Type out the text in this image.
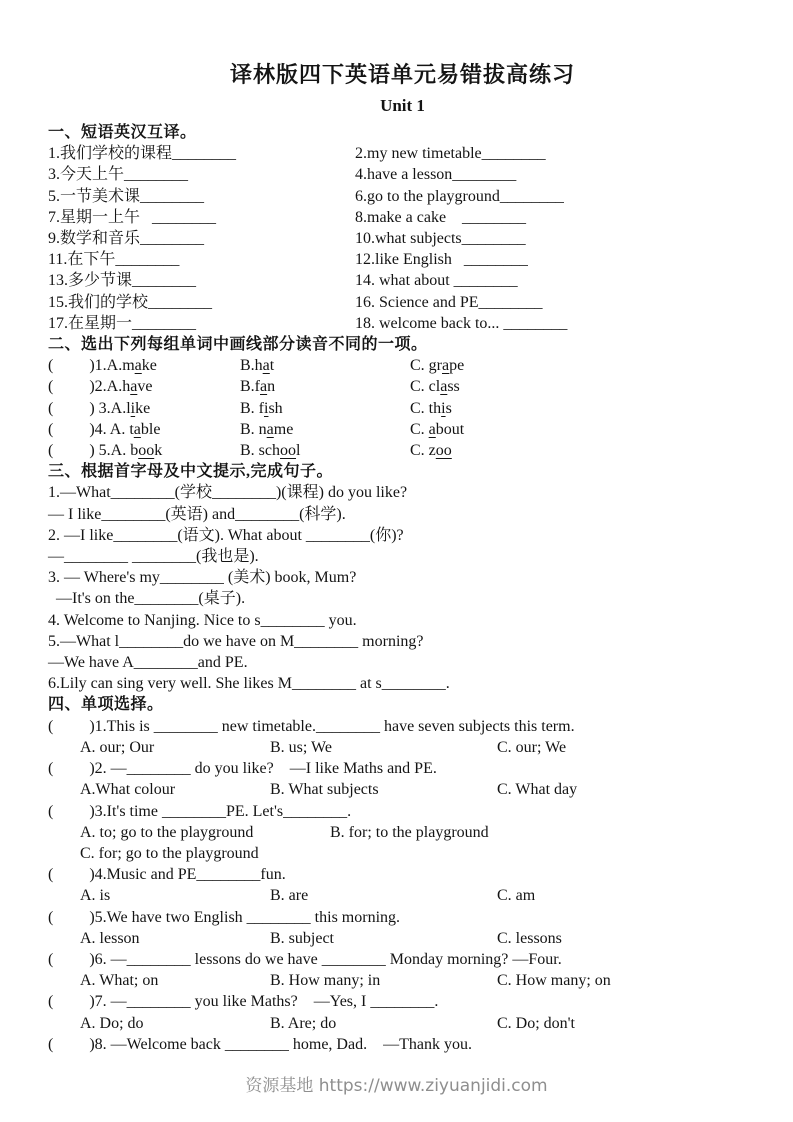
译林版四下英语单元易错拔高练习
Unit 1
一、短语英汉互译。
1.我们学校的课程________	2.my new timetable________
3.今天上午________	4.have a lesson________
5.一节美术课________	6.go to the playground________
7.星期一上午   ________	8.make a cake    ________
9.数学和音乐________	10.what subjects________
11.在下午________	12.like English   ________
13.多少节课________	14. what about ________
15.我们的学校________	16. Science and PE________
17.在星期一________	18. welcome back to... ________
二、选出下列每组单词中画线部分读音不同的一项。
(         )1.A.make	B.hat	C. grape
(         )2.A.have	B.fan	C. class
(         ) 3.A.like	B. fish	C. this
(         )4. A. table	B. name	C. about
(         ) 5.A. book	B. school	C. zoo
三、根据首字母及中文提示,完成句子。
1.—What________(学校________)(课程) do you like?
— I like________(英语) and________(科学).
2. —I like________(语文). What about ________(你)?
—________ ________(我也是).
3. — Where's my________ (美术) book, Mum?
—It's on the________(桌子).
4. Welcome to Nanjing. Nice to s________ you.
5.—What l________do we have on M________ morning?
—We have A________and PE.
6.Lily can sing very well. She likes M________ at s________.
四、单项选择。
(         )1.This is ________ new timetable.________ have seven subjects this term.
A. our; Our	B. us; We	C. our; We
(         )2. —________ do you like?    —I like Maths and PE.
A.What colour	B. What subjects	C. What day
(         )3.It's time ________PE. Let's________.
A. to; go to the playground	B. for; to the playground
C. for; go to the playground
(         )4.Music and PE________fun.
A. is	B. are	C. am
(         )5.We have two English ________ this morning.
A. lesson	B. subject	C. lessons
(         )6. —________ lessons do we have ________ Monday morning? —Four.
A. What; on	B. How many; in	C. How many; on
(         )7. —________ you like Maths?    —Yes, I ________.
A. Do; do	B. Are; do	C. Do; don't
(         )8. —Welcome back ________ home, Dad.    —Thank you.
资源基地 https://www.ziyuanjidi.com
